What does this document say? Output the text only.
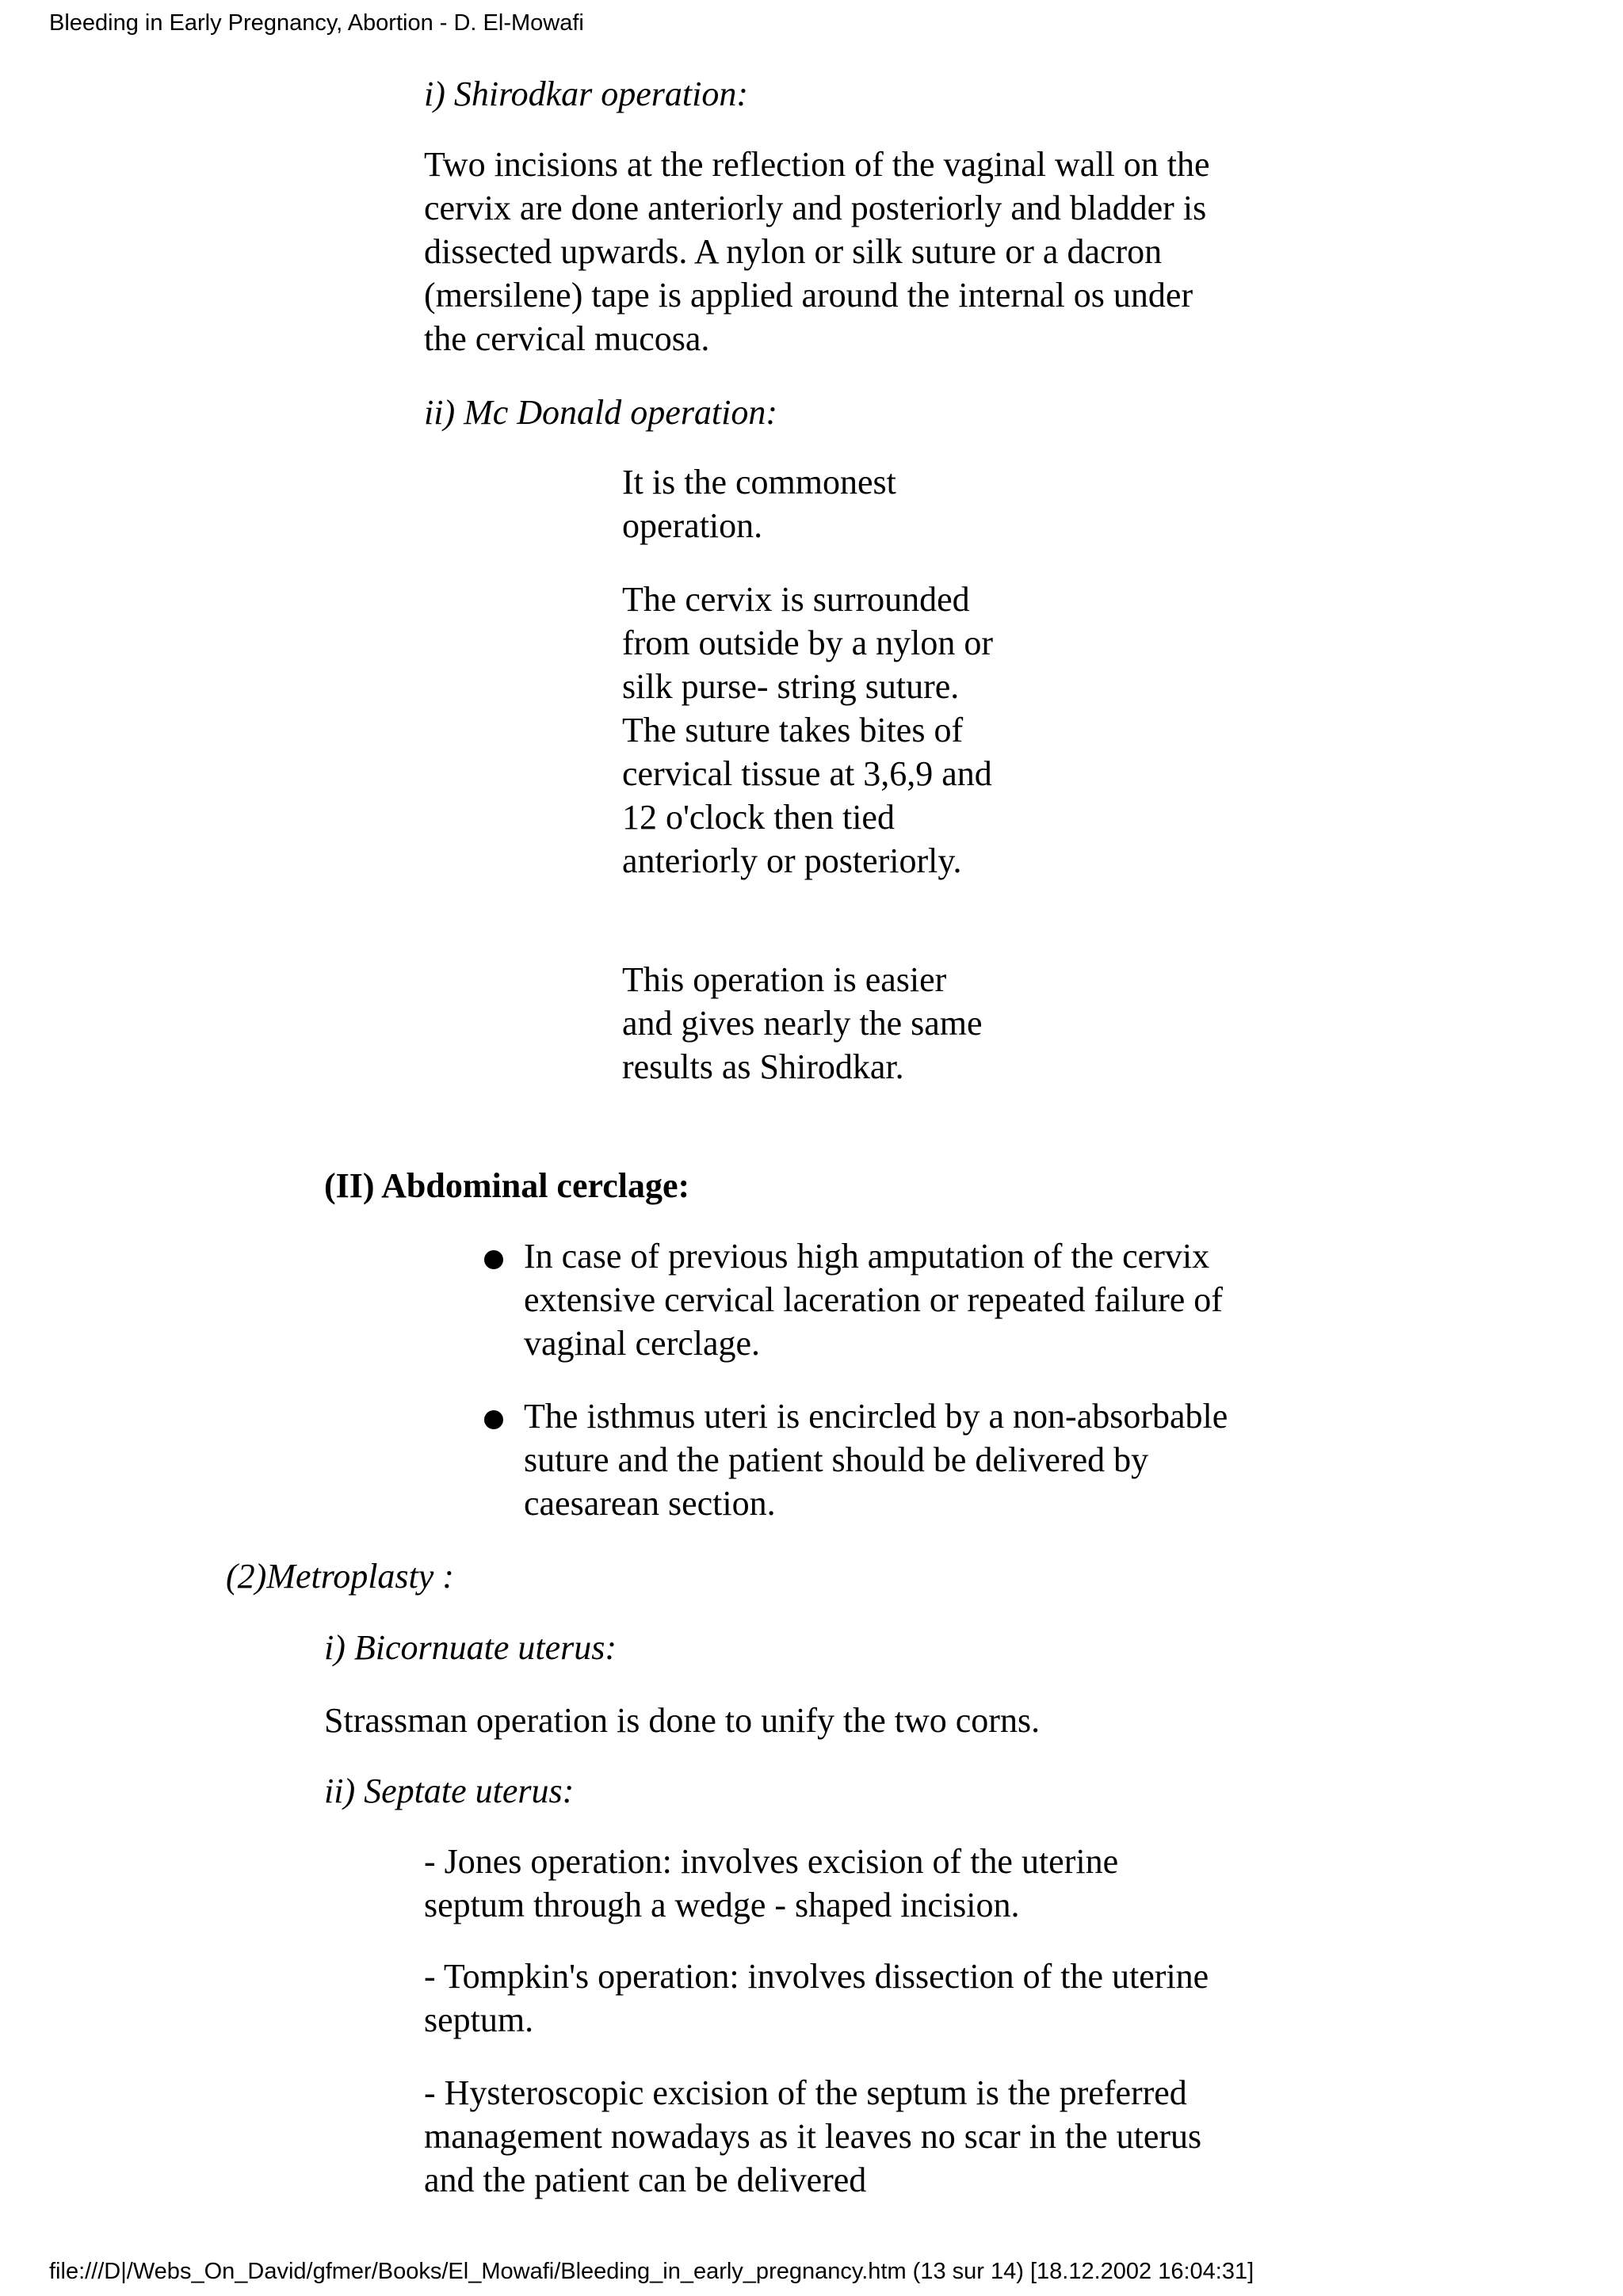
Bleeding in Early Pregnancy, Abortion - D. El-Mowafi

i) Shirodkar operation:

Two incisions at the reflection of the vaginal wall on the cervix are done anteriorly and posteriorly and bladder is dissected upwards. A nylon or silk suture or a dacron (mersilene) tape is applied around the internal os under the cervical mucosa.

ii) Mc Donald operation:

It is the commonest operation.

The cervix is surrounded from outside by a nylon or silk purse- string suture. The suture takes bites of cervical tissue at 3,6,9 and 12 o'clock then tied anteriorly or posteriorly.

This operation is easier and gives nearly the same results as Shirodkar.

(II) Abdominal cerclage:

In case of previous high amputation of the cervix extensive cervical laceration or repeated failure of vaginal cerclage.

The isthmus uteri is encircled by a non-absorbable suture and the patient should be delivered by caesarean section.

(2)Metroplasty :

i) Bicornuate uterus:

Strassman operation is done to unify the two corns.

ii) Septate uterus:

- Jones operation: involves excision of the uterine septum through a wedge - shaped incision.

- Tompkin's operation: involves dissection of the uterine septum.

- Hysteroscopic excision of the septum is the preferred management nowadays as it leaves no scar in the uterus and the patient can be delivered

file:///D|/Webs_On_David/gfmer/Books/El_Mowafi/Bleeding_in_early_pregnancy.htm (13 sur 14) [18.12.2002 16:04:31]
